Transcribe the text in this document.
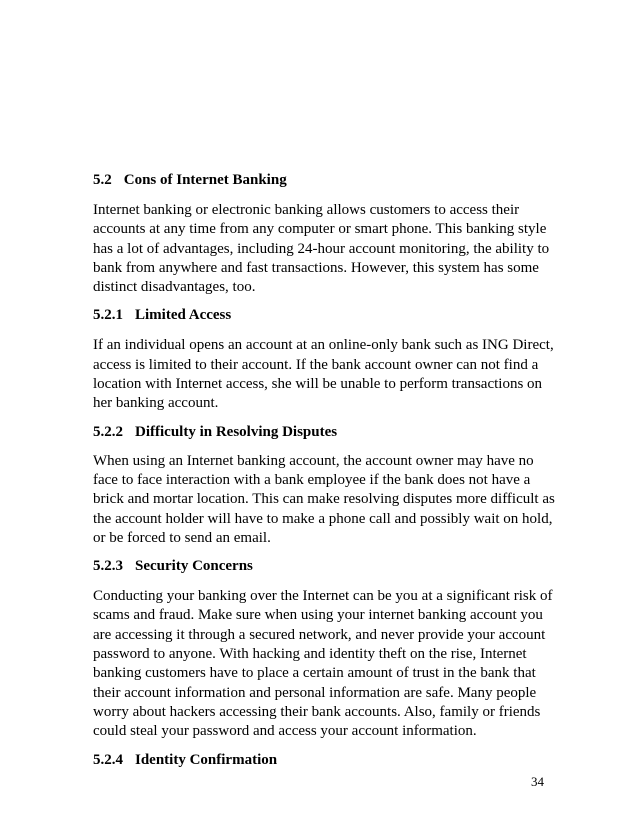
5.2 Cons of Internet Banking

Internet banking or electronic banking allows customers to access their
accounts at any time from any computer or smart phone. This banking style
has a lot of advantages, including 24-hour account monitoring, the ability to
bank from anywhere and fast transactions. However, this system has some
distinct disadvantages, too.

5.2.1 Limited Access

If an individual opens an account at an online-only bank such as ING Direct,
access is limited to their account. If the bank account owner can not find a
location with Internet access, she will be unable to perform transactions on
her banking account.

5.2.2 Difficulty in Resolving Disputes

When using an Internet banking account, the account owner may have no
face to face interaction with a bank employee if the bank does not have a
brick and mortar location. This can make resolving disputes more difficult as
the account holder will have to make a phone call and possibly wait on hold,
or be forced to send an email.

5.2.3 Security Concerns

Conducting your banking over the Internet can be you at a significant risk of
scams and fraud. Make sure when using your internet banking account you
are accessing it through a secured network, and never provide your account
password to anyone. With hacking and identity theft on the rise, Internet
banking customers have to place a certain amount of trust in the bank that
their account information and personal information are safe. Many people
worry about hackers accessing their bank accounts. Also, family or friends
could steal your password and access your account information.

5.2.4 Identity Confirmation
34
